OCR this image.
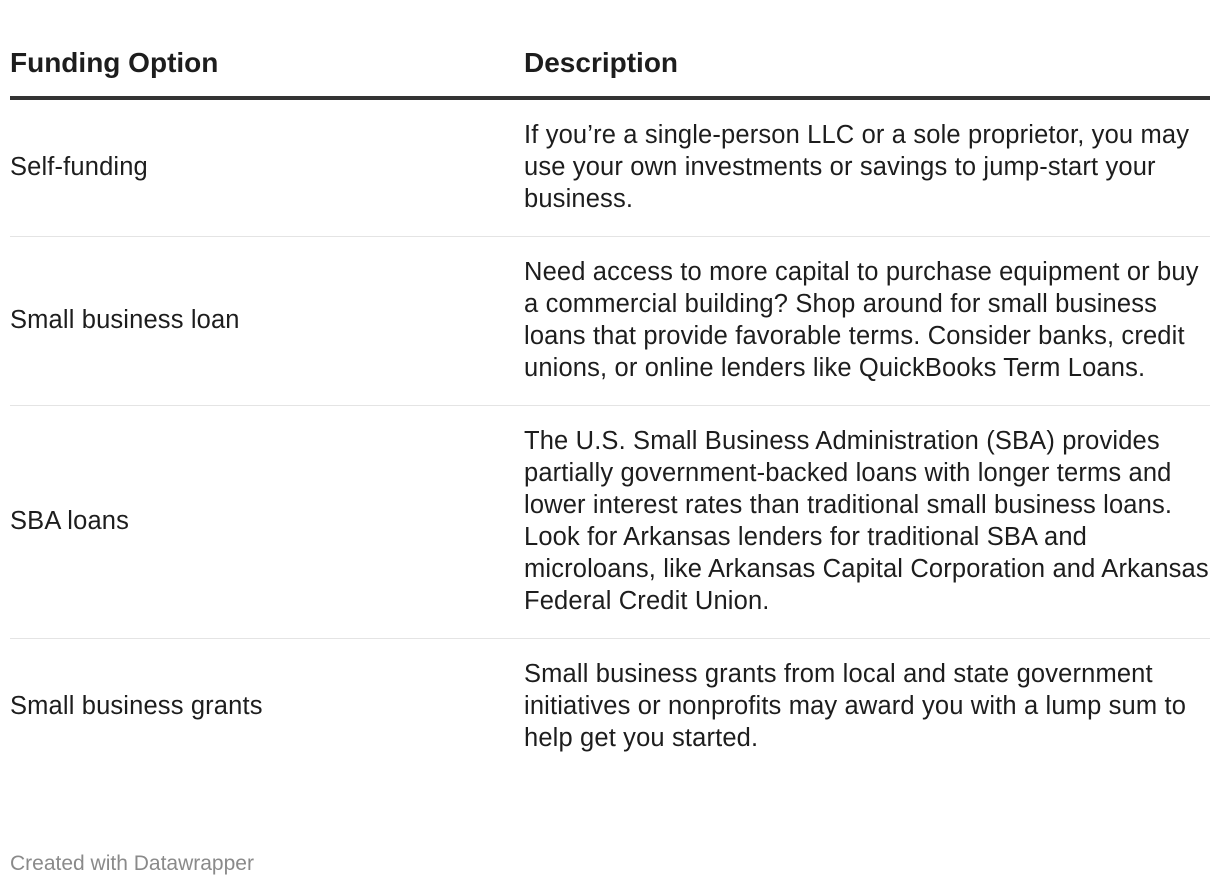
Funding Option	Description
Self-funding	If you’re a single-person LLC or a sole proprietor, you may use your own investments or savings to jump-start your business.
Small business loan	Need access to more capital to purchase equipment or buy a commercial building? Shop around for small business loans that provide favorable terms. Consider banks, credit unions, or online lenders like QuickBooks Term Loans.
SBA loans	The U.S. Small Business Administration (SBA) provides partially government-backed loans with longer terms and lower interest rates than traditional small business loans. Look for Arkansas lenders for traditional SBA and microloans, like Arkansas Capital Corporation and Arkansas Federal Credit Union.
Small business grants	Small business grants from local and state government initiatives or nonprofits may award you with a lump sum to help get you started.
Created with Datawrapper
